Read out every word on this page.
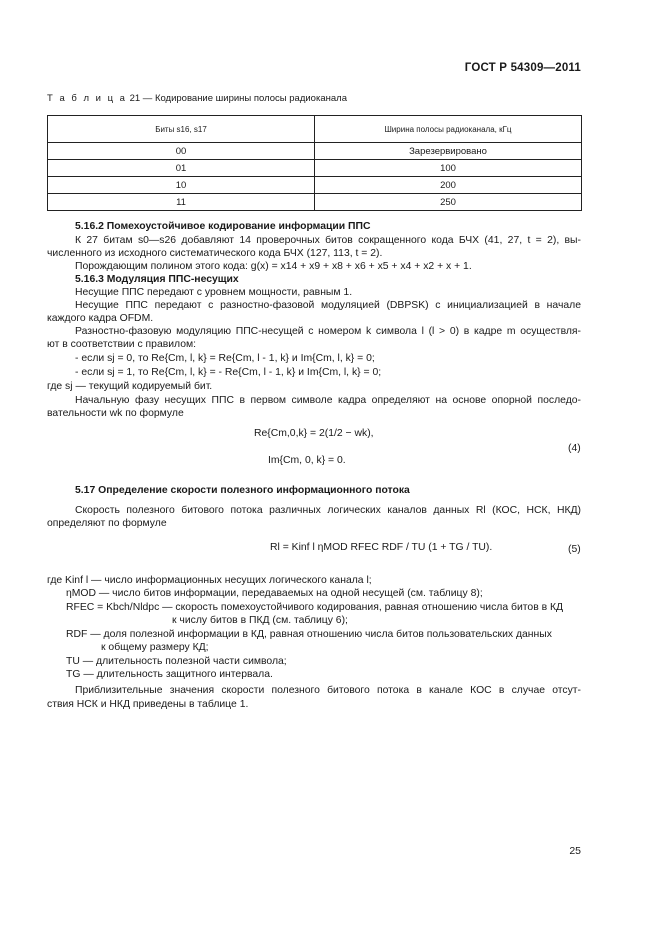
ГОСТ Р 54309—2011
Т а б л и ц а 21 — Кодирование ширины полосы радиоканала
Биты s16, s17	Ширина полосы радиоканала, кГц
00	Зарезервировано
01	100
10	200
11	250
5.16.2 Помехоустойчивое кодирование информации ППС
К 27 битам s0—s26 добавляют 14 проверочных битов сокращенного кода БЧХ (41, 27, t = 2), вы-
численного из исходного систематического кода БЧХ (127, 113, t = 2).
Порождающим полином этого кода: g(x) = x14 + x9 + x8 + x6 + x5 + x4 + x2 + x + 1.
5.16.3 Модуляция ППС-несущих
Несущие ППС передают с уровнем мощности, равным 1.
Несущие ППС передают с разностно-фазовой модуляцией (DBPSK) с инициализацией в начале
каждого кадра OFDM.
Разностно-фазовую модуляцию ППС-несущей с номером k символа l (l > 0) в кадре m осуществля-
ют в соответствии с правилом:
- если sj = 0, то Re{Cm, l, k} = Re{Cm, l - 1, k} и Im{Cm, l, k} = 0;
- если sj = 1, то Re{Cm, l, k} = - Re{Cm, l - 1, k} и Im{Cm, l, k} = 0;
где sj — текущий кодируемый бит.
Начальную фазу несущих ППС в первом символе кадра определяют на основе опорной последо-
вательности wk по формуле
Re{Cm,0,k} = 2(1/2 − wk),
Im{Cm, 0, k} = 0.
(4)
5.17 Определение скорости полезного информационного потока
Скорость полезного битового потока различных логических каналов данных Rl (КОС, НСК, НКД)
определяют по формуле
Rl = Kinf l ηMOD RFEC RDF / TU (1 + TG / TU).	(5)
где Kinf l — число информационных несущих логического канала l;
ηMOD — число битов информации, передаваемых на одной несущей (см. таблицу 8);
RFEC = Kbch/Nldpc — скорость помехоустойчивого кодирования, равная отношению числа битов в КД
к числу битов в ПКД (см. таблицу 6);
RDF — доля полезной информации в КД, равная отношению числа битов пользовательских данных
к общему размеру КД;
TU — длительность полезной части символа;
TG — длительность защитного интервала.
Приблизительные значения скорости полезного битового потока в канале КОС в случае отсут-
ствия НСК и НКД приведены в таблице 1.
25
